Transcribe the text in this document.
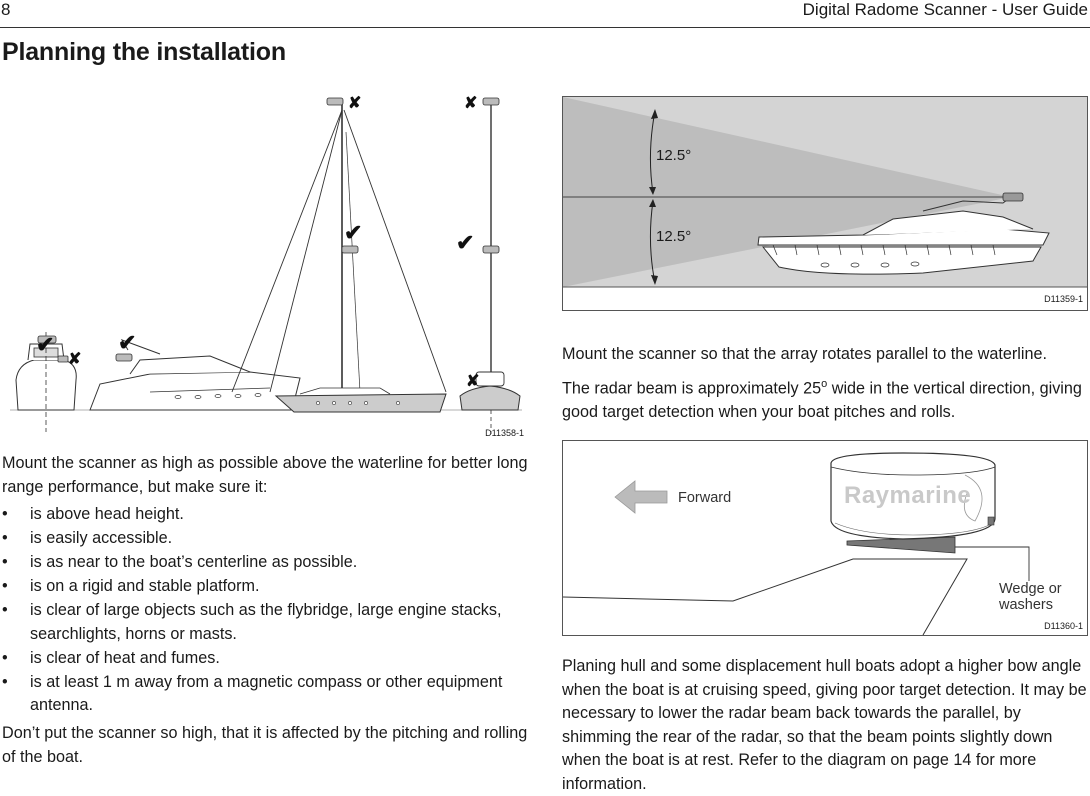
8	Digital Radome Scanner - User Guide
Planning the installation
✔	✔
✔	✔
✘
✘	✘
✘
D11358-1
Mount the scanner as high as possible above the waterline for better long range performance, but make sure it:
• is above head height.
• is easily accessible.
• is as near to the boat’s centerline as possible.
• is on a rigid and stable platform.
• is clear of large objects such as the flybridge, large engine stacks, searchlights, horns or masts.
• is clear of heat and fumes.
• is at least 1 m away from a magnetic compass or other equipment antenna.
Don’t put the scanner so high, that it is affected by the pitching and rolling of the boat.
12.5°
12.5°
D11359-1
Mount the scanner so that the array rotates parallel to the waterline.
The radar beam is approximately 25$^o$ wide in the vertical direction, giving good target detection when your boat pitches and rolls.
Forward	Raymarine
Wedge or
washers
D11360-1
Planing hull and some displacement hull boats adopt a higher bow angle when the boat is at cruising speed, giving poor target detection. It may be necessary to lower the radar beam back towards the parallel, by shimming the rear of the radar, so that the beam points slightly down when the boat is at rest. Refer to the diagram on page 14 for more information.
